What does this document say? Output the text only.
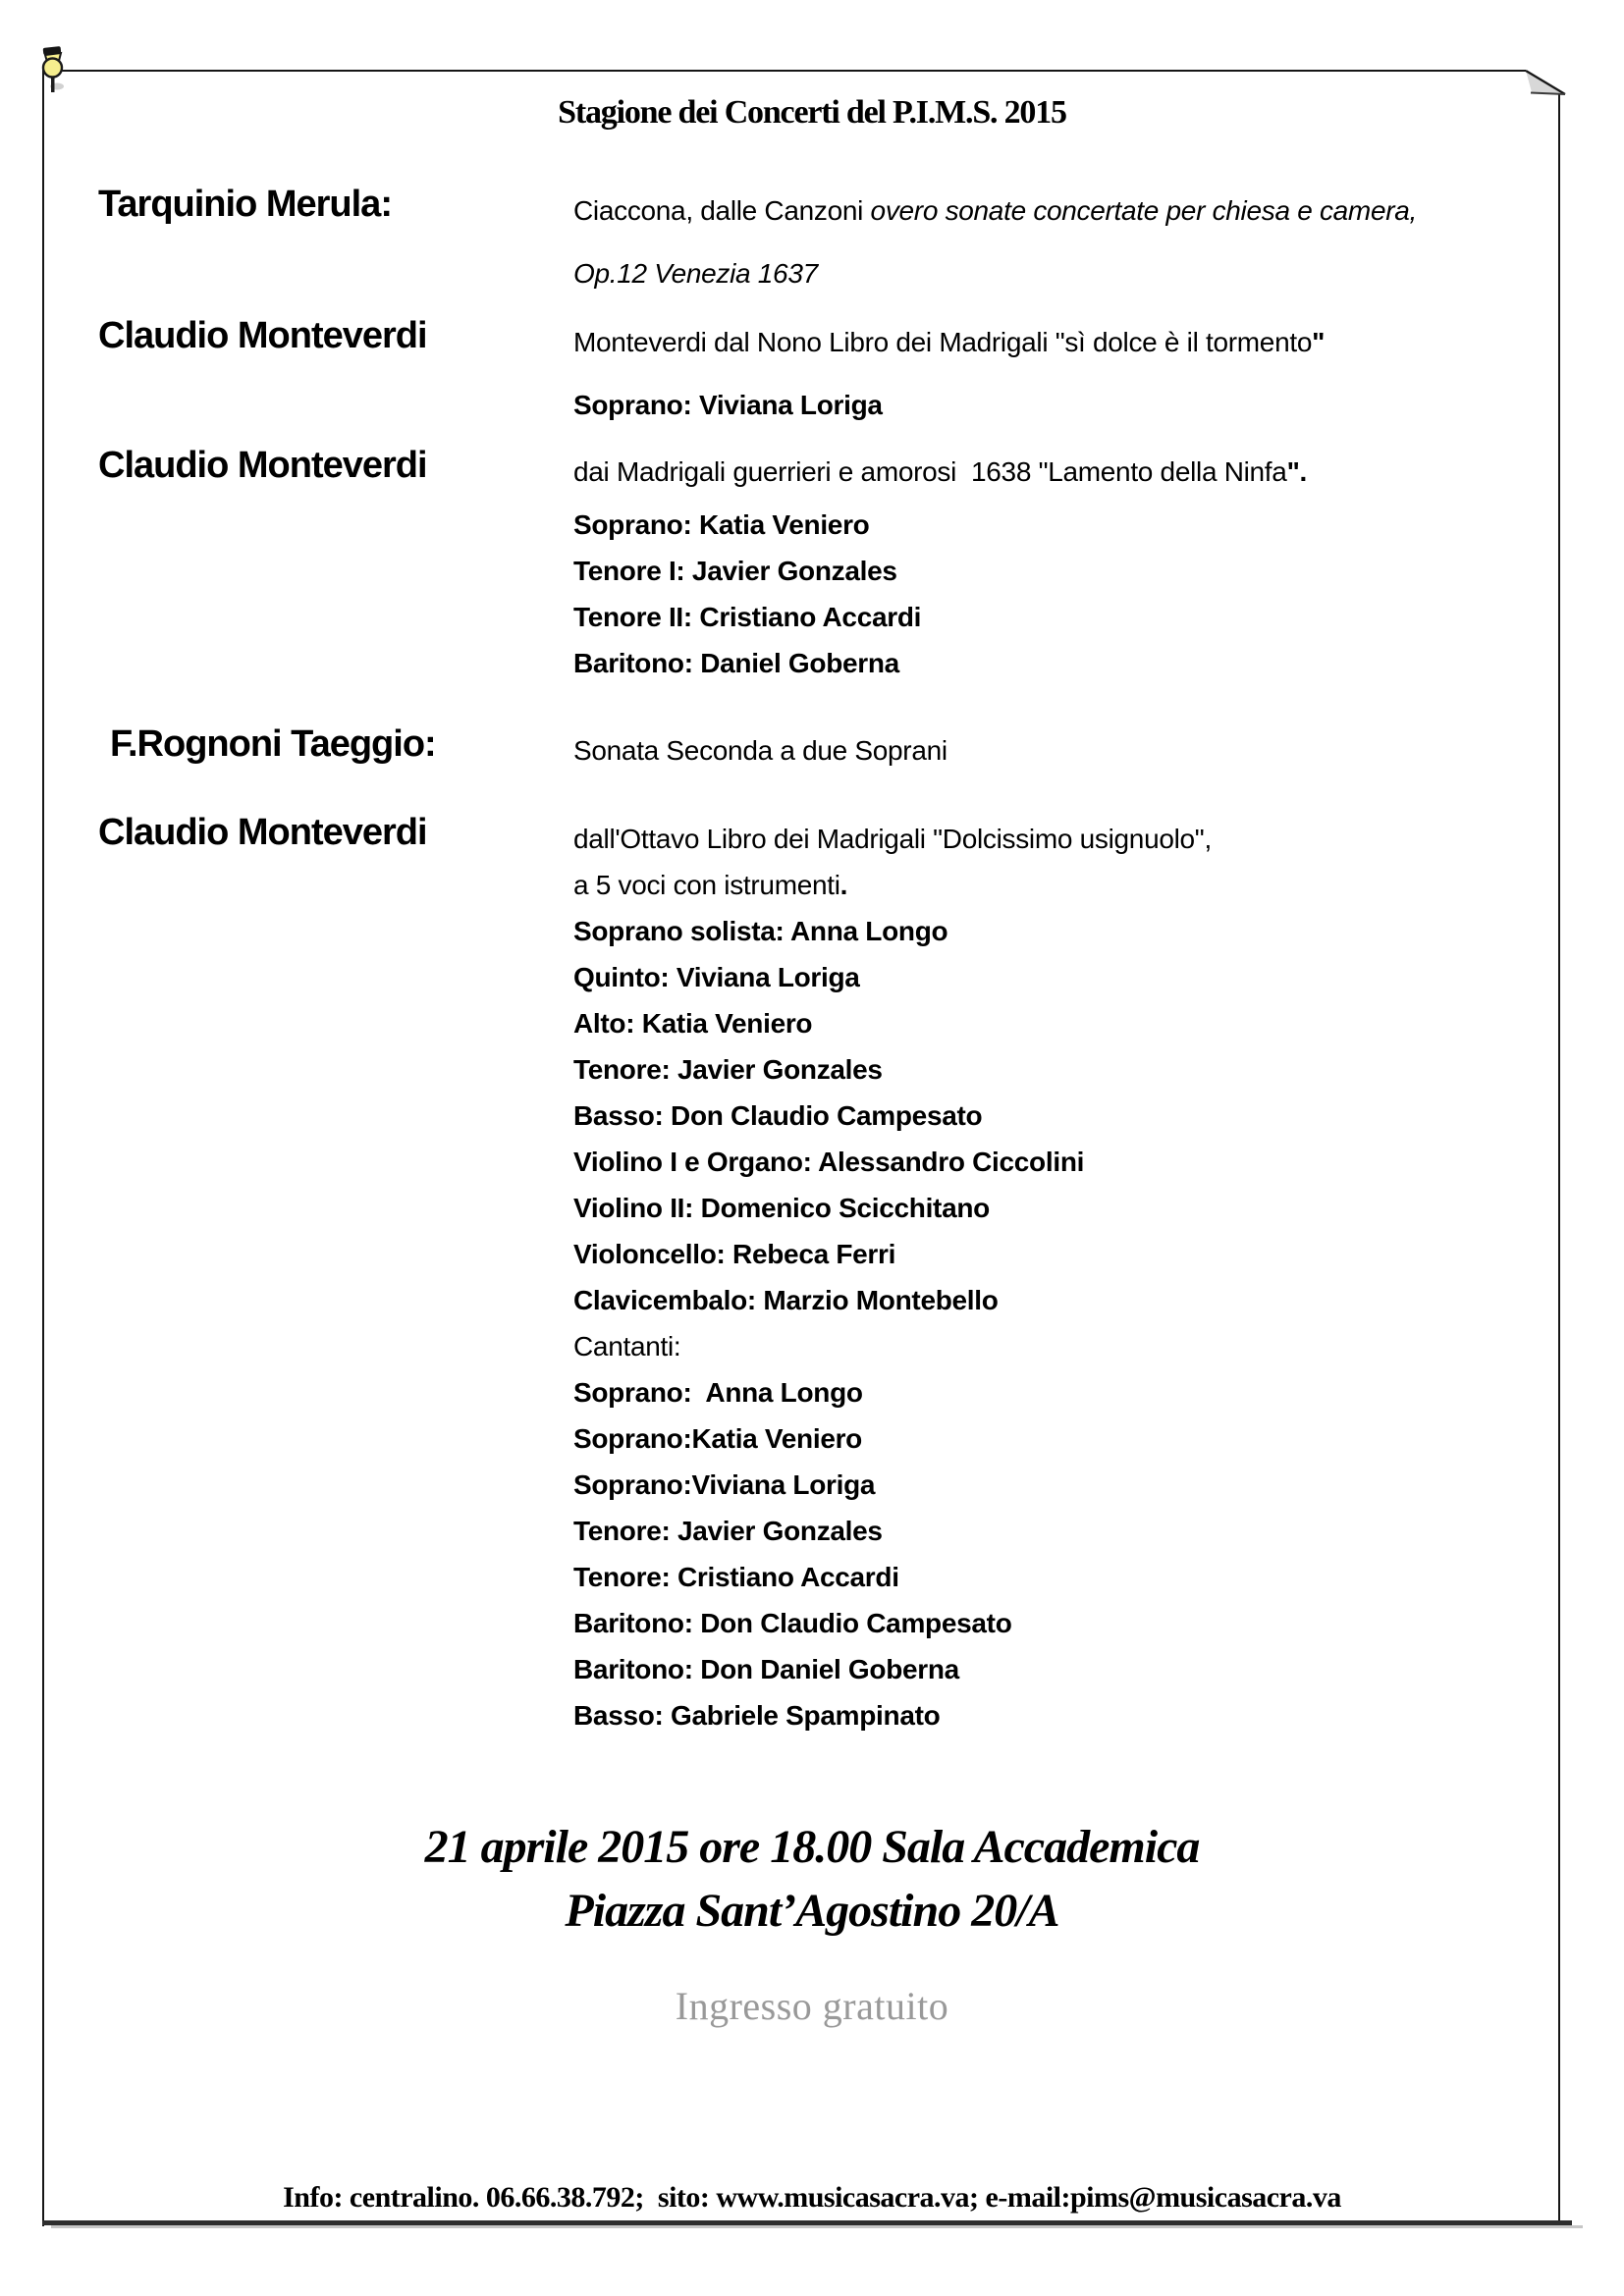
Stagione dei Concerti del P.I.M.S. 2015
Tarquinio Merula:	Ciaccona, dalle Canzoni overo sonate concertate per chiesa e camera,
Op.12 Venezia 1637
Claudio Monteverdi	Monteverdi dal Nono Libro dei Madrigali "sì dolce è il tormento"
Soprano: Viviana Loriga
Claudio Monteverdi	dai Madrigali guerrieri e amorosi  1638 "Lamento della Ninfa".
Soprano: Katia Veniero
Tenore I: Javier Gonzales
Tenore II: Cristiano Accardi
Baritono: Daniel Goberna
F.Rognoni Taeggio:	Sonata Seconda a due Soprani
Claudio Monteverdi	dall'Ottavo Libro dei Madrigali "Dolcissimo usignuolo",
a 5 voci con istrumenti.
Soprano solista: Anna Longo
Quinto: Viviana Loriga
Alto: Katia Veniero
Tenore: Javier Gonzales
Basso: Don Claudio Campesato
Violino I e Organo: Alessandro Ciccolini
Violino II: Domenico Scicchitano
Violoncello: Rebeca Ferri
Clavicembalo: Marzio Montebello
Cantanti:
Soprano:  Anna Longo
Soprano:Katia Veniero
Soprano:Viviana Loriga
Tenore: Javier Gonzales
Tenore: Cristiano Accardi
Baritono: Don Claudio Campesato
Baritono: Don Daniel Goberna
Basso: Gabriele Spampinato
21 aprile 2015 ore 18.00 Sala Accademica
Piazza Sant’Agostino 20/A
Ingresso gratuito
Info: centralino. 06.66.38.792;  sito: www.musicasacra.va; e-mail:pims@musicasacra.va
